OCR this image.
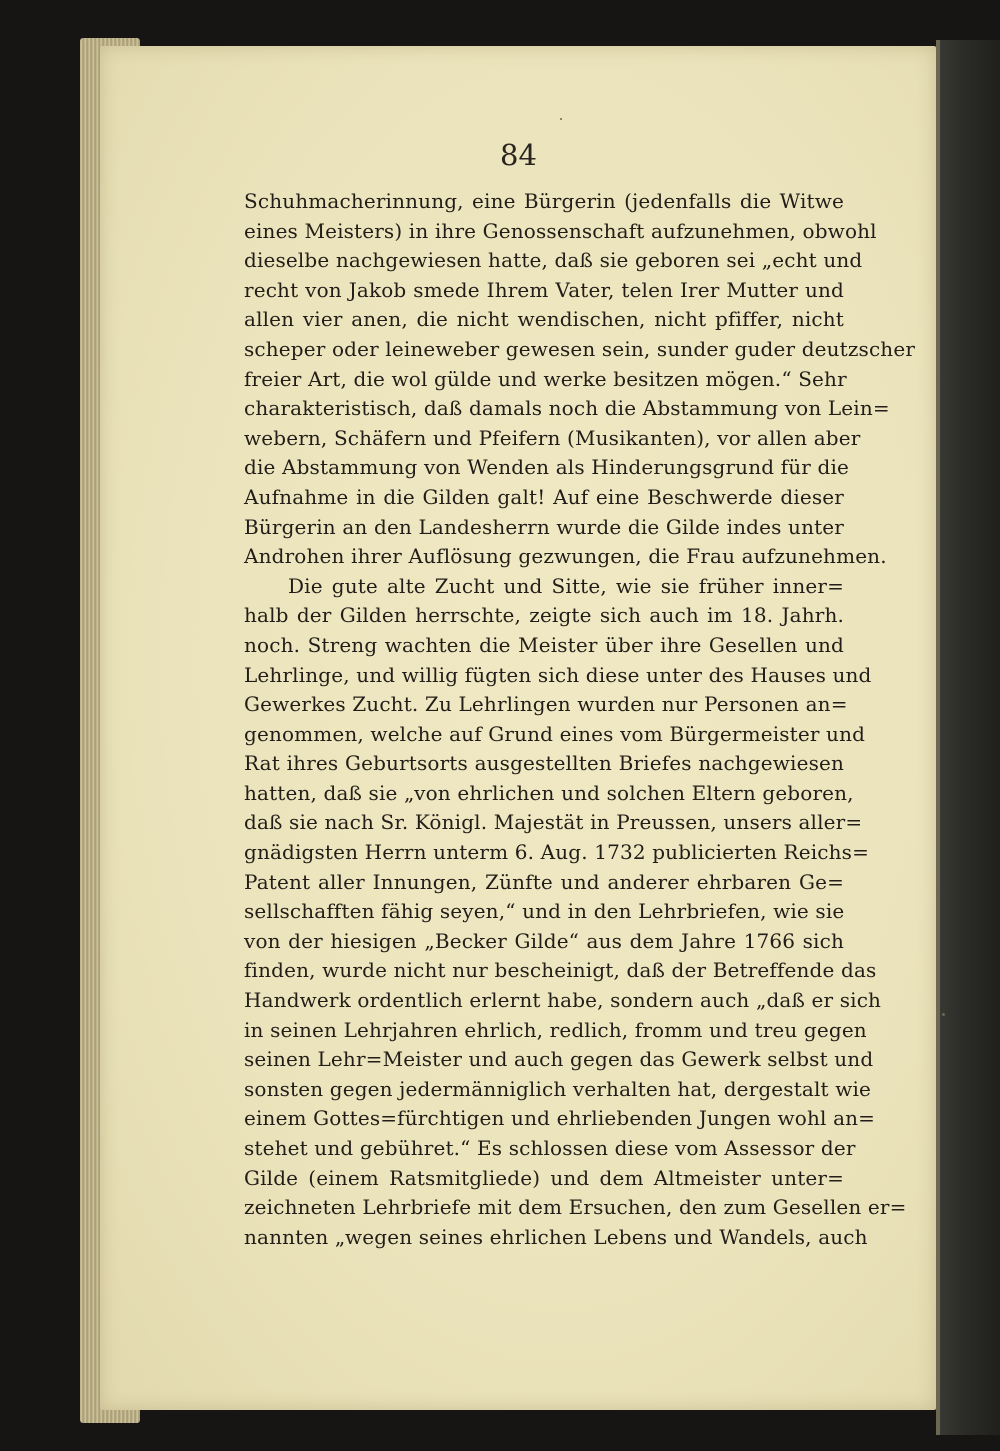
84
Schuhmacherinnung, eine Bürgerin (jedenfalls die Witwe
eines Meisters) in ihre Genossenschaft aufzunehmen, obwohl
dieselbe nachgewiesen hatte, daß sie geboren sei „echt und
recht von Jakob smede Ihrem Vater, telen Irer Mutter und
allen vier anen, die nicht wendischen, nicht pfiffer, nicht
scheper oder leineweber gewesen sein, sunder guder deutzscher
freier Art, die wol gülde und werke besitzen mögen.“ Sehr
charakteristisch, daß damals noch die Abstammung von Lein=
webern, Schäfern und Pfeifern (Musikanten), vor allen aber
die Abstammung von Wenden als Hinderungsgrund für die
Aufnahme in die Gilden galt! Auf eine Beschwerde dieser
Bürgerin an den Landesherrn wurde die Gilde indes unter
Androhen ihrer Auflösung gezwungen, die Frau aufzunehmen.
Die gute alte Zucht und Sitte, wie sie früher inner=
halb der Gilden herrschte, zeigte sich auch im 18. Jahrh.
noch. Streng wachten die Meister über ihre Gesellen und
Lehrlinge, und willig fügten sich diese unter des Hauses und
Gewerkes Zucht. Zu Lehrlingen wurden nur Personen an=
genommen, welche auf Grund eines vom Bürgermeister und
Rat ihres Geburtsorts ausgestellten Briefes nachgewiesen
hatten, daß sie „von ehrlichen und solchen Eltern geboren,
daß sie nach Sr. Königl. Majestät in Preussen, unsers aller=
gnädigsten Herrn unterm 6. Aug. 1732 publicierten Reichs=
Patent aller Innungen, Zünfte und anderer ehrbaren Ge=
sellschafften fähig seyen,“ und in den Lehrbriefen, wie sie
von der hiesigen „Becker Gilde“ aus dem Jahre 1766 sich
finden, wurde nicht nur bescheinigt, daß der Betreffende das
Handwerk ordentlich erlernt habe, sondern auch „daß er sich
in seinen Lehrjahren ehrlich, redlich, fromm und treu gegen
seinen Lehr=Meister und auch gegen das Gewerk selbst und
sonsten gegen jedermänniglich verhalten hat, dergestalt wie
einem Gottes=fürchtigen und ehrliebenden Jungen wohl an=
stehet und gebühret.“ Es schlossen diese vom Assessor der
Gilde (einem Ratsmitgliede) und dem Altmeister unter=
zeichneten Lehrbriefe mit dem Ersuchen, den zum Gesellen er=
nannten „wegen seines ehrlichen Lebens und Wandels, auch
